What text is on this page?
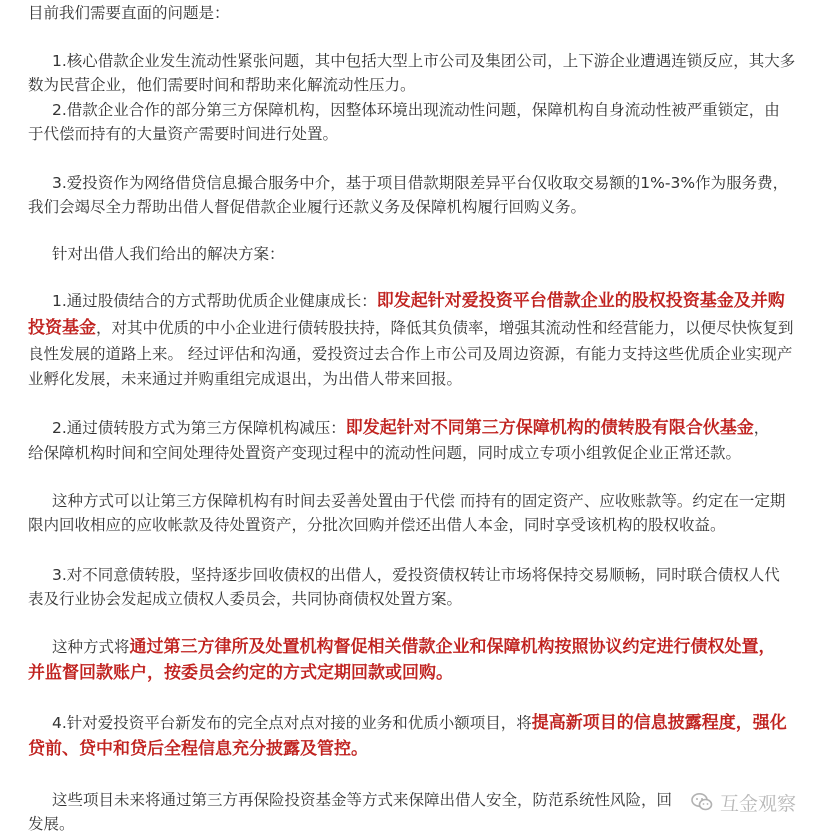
目前我们需要直面的问题是：
1.核心借款企业发生流动性紧张问题，其中包括大型上市公司及集团公司，上下游企业遭遇连锁反应，其大多
数为民营企业，他们需要时间和帮助来化解流动性压力。
2.借款企业合作的部分第三方保障机构，因整体环境出现流动性问题，保障机构自身流动性被严重锁定，由
于代偿而持有的大量资产需要时间进行处置。
3.爱投资作为网络借贷信息撮合服务中介，基于项目借款期限差异平台仅收取交易额的1%-3%作为服务费，
我们会竭尽全力帮助出借人督促借款企业履行还款义务及保障机构履行回购义务。
针对出借人我们给出的解决方案：
1.通过股债结合的方式帮助优质企业健康成长：即发起针对爱投资平台借款企业的股权投资基金及并购
投资基金，对其中优质的中小企业进行债转股扶持，降低其负债率，增强其流动性和经营能力，以便尽快恢复到
良性发展的道路上来。 经过评估和沟通，爱投资过去合作上市公司及周边资源，有能力支持这些优质企业实现产
业孵化发展，未来通过并购重组完成退出，为出借人带来回报。
2.通过债转股方式为第三方保障机构减压：即发起针对不同第三方保障机构的债转股有限合伙基金，
给保障机构时间和空间处理待处置资产变现过程中的流动性问题，同时成立专项小组敦促企业正常还款。
这种方式可以让第三方保障机构有时间去妥善处置由于代偿 而持有的固定资产、应收账款等。约定在一定期
限内回收相应的应收帐款及待处置资产，分批次回购并偿还出借人本金，同时享受该机构的股权收益。
3.对不同意债转股，坚持逐步回收债权的出借人，爱投资债权转让市场将保持交易顺畅，同时联合债权人代
表及行业协会发起成立债权人委员会，共同协商债权处置方案。
这种方式将通过第三方律所及处置机构督促相关借款企业和保障机构按照协议约定进行债权处置，
并监督回款账户，按委员会约定的方式定期回款或回购。
4.针对爱投资平台新发布的完全点对点对接的业务和优质小额项目，将提高新项目的信息披露程度，强化
贷前、贷中和贷后全程信息充分披露及管控。
这些项目未来将通过第三方再保险投资基金等方式来保障出借人安全，防范系统性风险，回
发展。
互金观察
